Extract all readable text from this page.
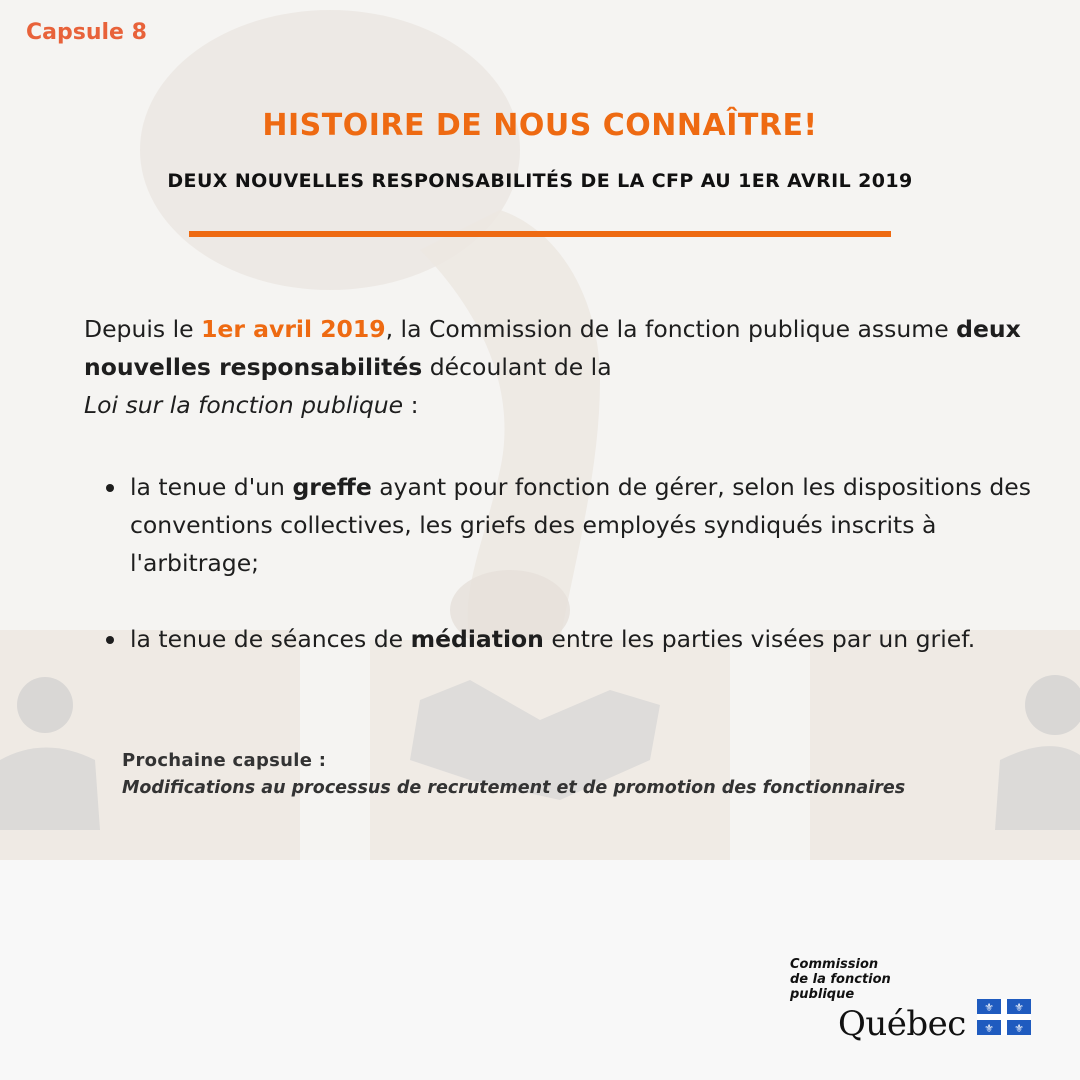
Capsule 8
HISTOIRE DE NOUS CONNAÎTRE!
DEUX NOUVELLES RESPONSABILITÉS DE LA CFP AU 1ER AVRIL 2019
Depuis le 1er avril 2019, la Commission de la fonction publique assume deux nouvelles responsabilités découlant de la
Loi sur la fonction publique :
la tenue d'un greffe ayant pour fonction de gérer, selon les dispositions des conventions collectives, les griefs des employés syndiqués inscrits à l'arbitrage;
la tenue de séances de médiation entre les parties visées par un grief.
Prochaine capsule :
Modifications au processus de recrutement et de promotion des fonctionnaires
Commission
de la fonction
publique
Québec ⚜ ⚜
⚜ ⚜
